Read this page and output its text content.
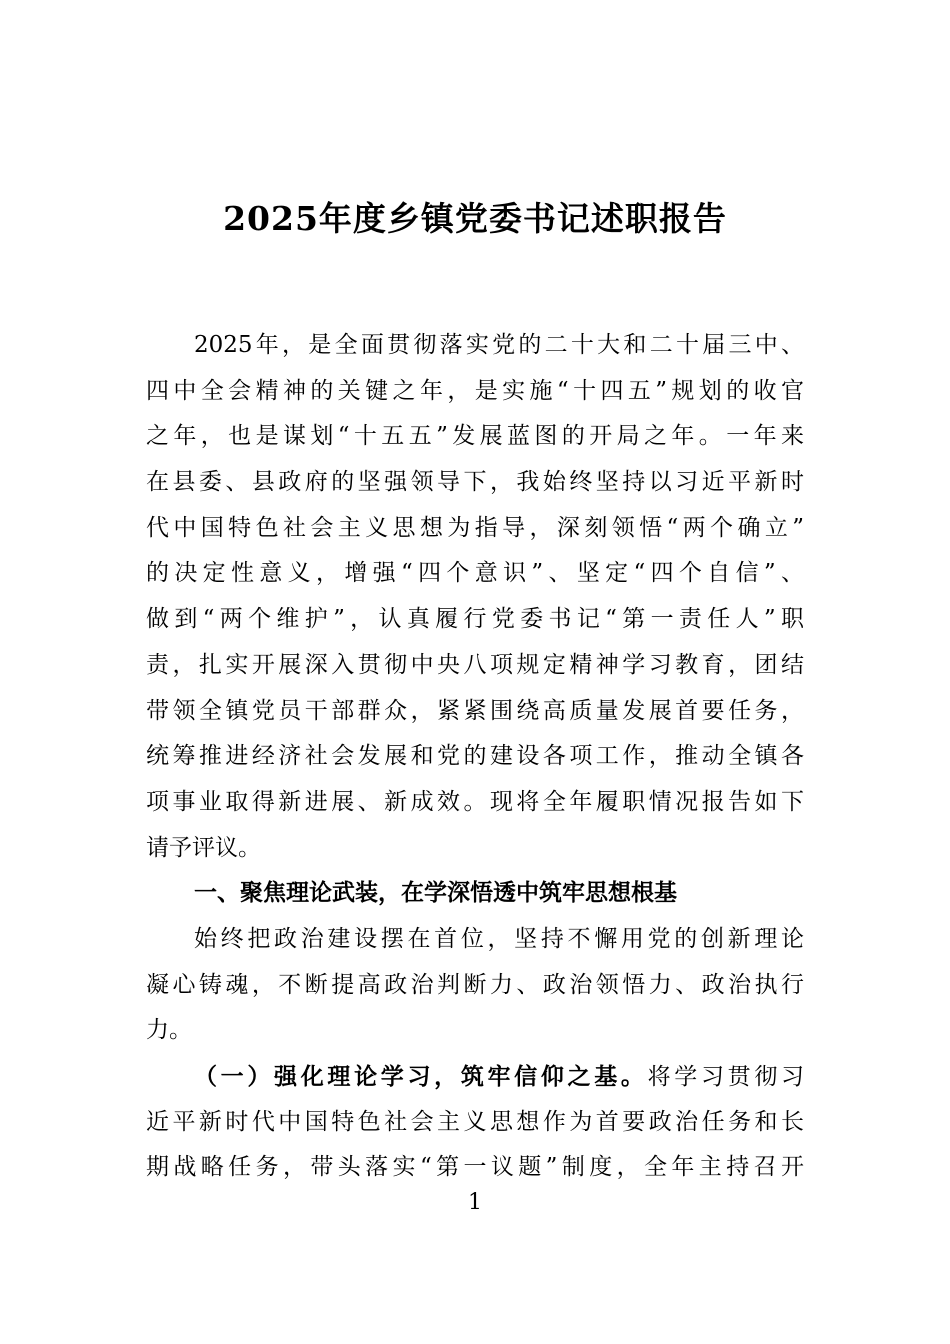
2025年度乡镇党委书记述职报告
2025年，是全面贯彻落实党的二十大和二十届三中、
四中全会精神的关键之年，是实施“十四五”规划的收官
之年，也是谋划“十五五”发展蓝图的开局之年。一年来
在县委、县政府的坚强领导下，我始终坚持以习近平新时
代中国特色社会主义思想为指导，深刻领悟“两个确立”
的决定性意义，增强“四个意识”、坚定“四个自信”、
做到“两个维护”，认真履行党委书记“第一责任人”职
责，扎实开展深入贯彻中央八项规定精神学习教育，团结
带领全镇党员干部群众，紧紧围绕高质量发展首要任务，
统筹推进经济社会发展和党的建设各项工作，推动全镇各
项事业取得新进展、新成效。现将全年履职情况报告如下
请予评议。
一、聚焦理论武装，在学深悟透中筑牢思想根基
始终把政治建设摆在首位，坚持不懈用党的创新理论
凝心铸魂，不断提高政治判断力、政治领悟力、政治执行
力。
（一）强化理论学习，筑牢信仰之基。将学习贯彻习
近平新时代中国特色社会主义思想作为首要政治任务和长
期战略任务，带头落实“第一议题”制度，全年主持召开
1
